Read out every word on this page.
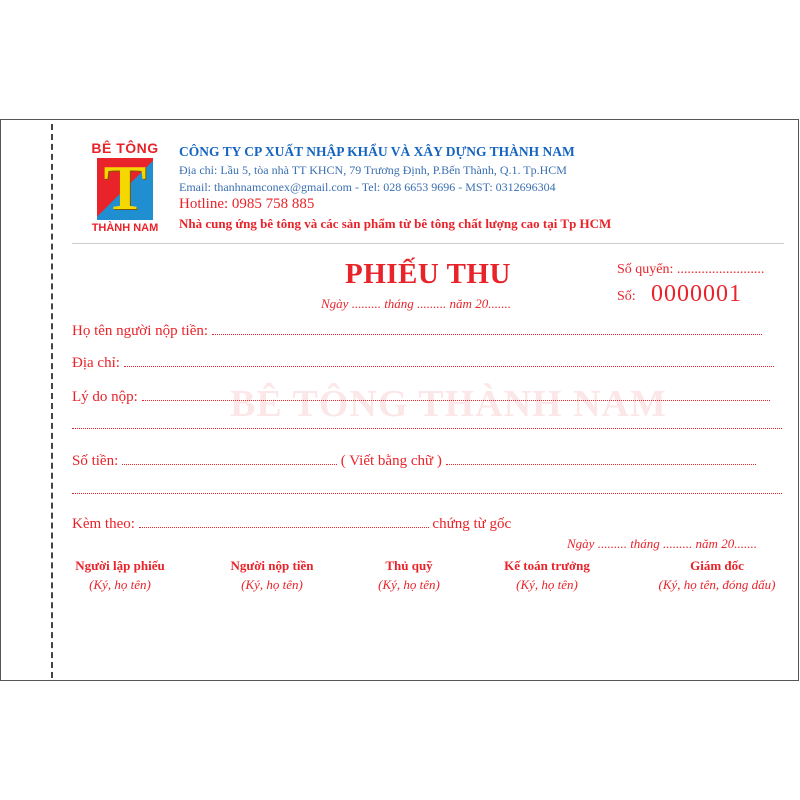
BÊ TÔNG
T
THÀNH NAM
CÔNG TY CP XUẤT NHẬP KHẨU VÀ XÂY DỰNG THÀNH NAM
Địa chỉ: Lầu 5, tòa nhà TT KHCN, 79 Trương Định, P.Bến Thành, Q.1. Tp.HCM
Email: thanhnamconex@gmail.com - Tel: 028 6653 9696 - MST: 0312696304
Hotline: 0985 758 885
Nhà cung ứng bê tông và các sản phẩm từ bê tông chất lượng cao tại Tp HCM
PHIẾU THU
Ngày ......... tháng ......... năm 20.......
Số quyển: .........................
Số: 0000001
BÊ TÔNG THÀNH NAM
Họ tên người nộp tiền:
Địa chỉ:
Lý do nộp:
Số tiền:	( Viết bằng chữ )
Kèm theo:	chứng từ gốc
Ngày ......... tháng ......... năm 20.......
Người lập phiếu
(Ký, họ tên)
Người nộp tiền
(Ký, họ tên)
Thủ quỹ
(Ký, họ tên)
Kế toán trưởng
(Ký, họ tên)
Giám đốc
(Ký, họ tên, đóng dấu)
